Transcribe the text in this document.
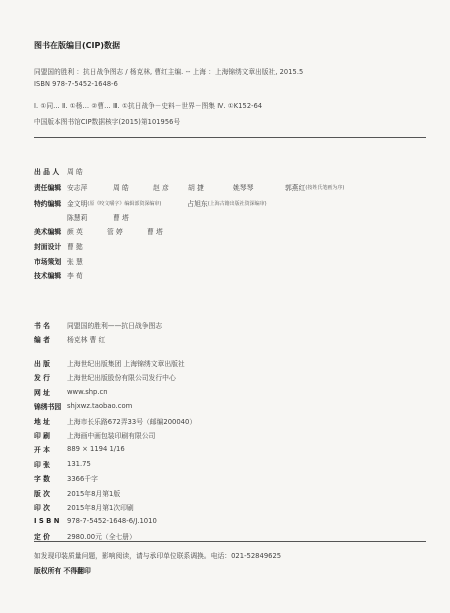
图书在版编目(CIP)数据
同盟国的胜利 ：抗日战争图志 / 杨克林, 曹红主编. -- 上海 ：上海锦绣文章出版社, 2015.5
ISBN 978-7-5452-1648-6
Ⅰ. ①同… Ⅱ. ①杨… ②曹… Ⅲ. ①抗日战争－史料－世界－图集 Ⅳ. ①K152-64
中国版本图书馆CIP数据核字(2015)第101956号
出 品 人	周 皓
责任编辑 安志萍	周 皓	赵 彦	胡 捷	姚琴琴	郭燕红 (按姓氏笔画为序)
特约编辑 金文明 (原《咬文嚼字》编辑部资深编审)	占旭东 (上海古籍出版社资深编审)
陈慧莉	曹 塔
美术编辑 颜 英	管 婷	曹 塔
封面设计 曹 懿
市场策划 张 慧
技术编辑 李 荀
书 名	同盟国的胜利——抗日战争图志
编 者	杨克林 曹 红
出 版	上海世纪出版集团 上海锦绣文章出版社
发 行	上海世纪出版股份有限公司发行中心
网 址	www.shp.cn
锦绣书园 shjxwz.taobao.com
地 址	上海市长乐路672弄33号（邮编200040）
印 刷	上海画中画包装印刷有限公司
开 本	889 × 1194 1/16
印 张	131.75
字 数	3366千字
版 次	2015年8月第1版
印 次	2015年8月第1次印刷
I S B N	978-7-5452-1648-6/J.1010
定 价	2980.00元（全七册）
如发现印装质量问题，影响阅读，请与承印单位联系调换。电话：021-52849625
版权所有 不得翻印
